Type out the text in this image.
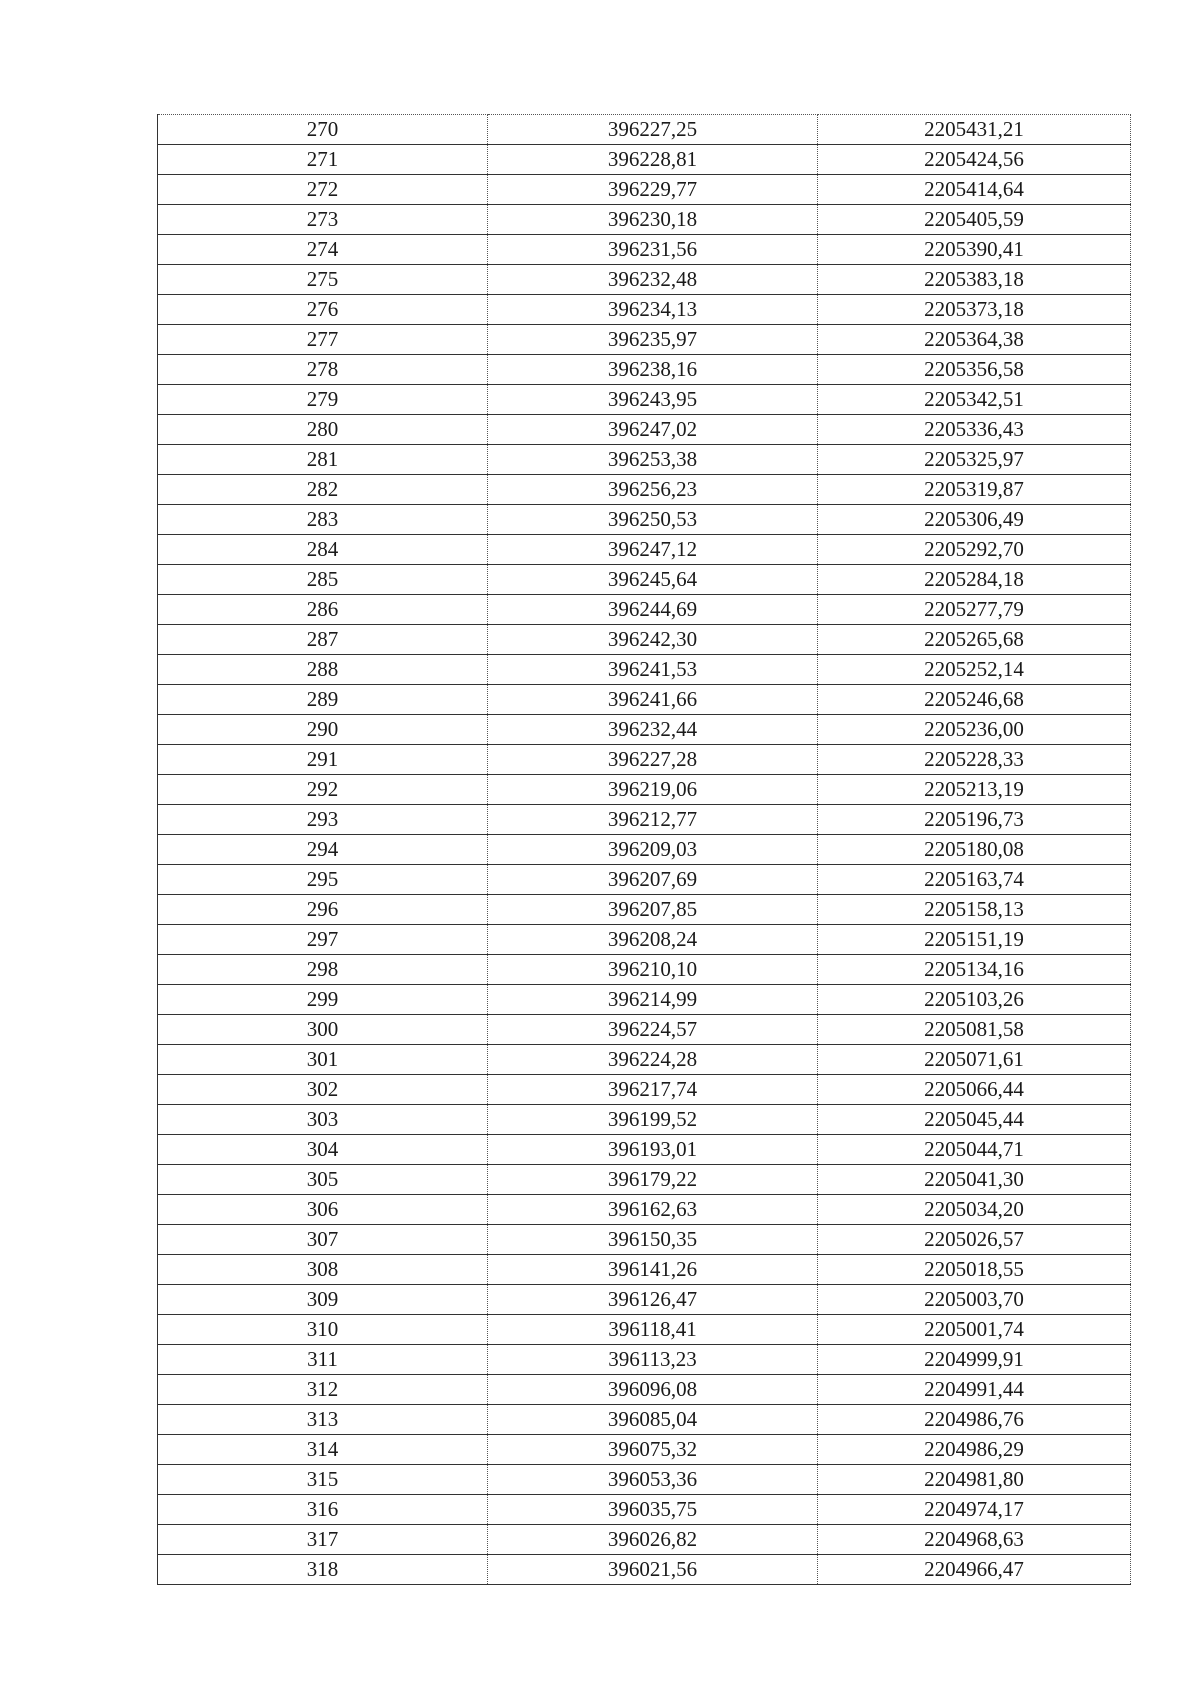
270	396227,25	2205431,21
271	396228,81	2205424,56
272	396229,77	2205414,64
273	396230,18	2205405,59
274	396231,56	2205390,41
275	396232,48	2205383,18
276	396234,13	2205373,18
277	396235,97	2205364,38
278	396238,16	2205356,58
279	396243,95	2205342,51
280	396247,02	2205336,43
281	396253,38	2205325,97
282	396256,23	2205319,87
283	396250,53	2205306,49
284	396247,12	2205292,70
285	396245,64	2205284,18
286	396244,69	2205277,79
287	396242,30	2205265,68
288	396241,53	2205252,14
289	396241,66	2205246,68
290	396232,44	2205236,00
291	396227,28	2205228,33
292	396219,06	2205213,19
293	396212,77	2205196,73
294	396209,03	2205180,08
295	396207,69	2205163,74
296	396207,85	2205158,13
297	396208,24	2205151,19
298	396210,10	2205134,16
299	396214,99	2205103,26
300	396224,57	2205081,58
301	396224,28	2205071,61
302	396217,74	2205066,44
303	396199,52	2205045,44
304	396193,01	2205044,71
305	396179,22	2205041,30
306	396162,63	2205034,20
307	396150,35	2205026,57
308	396141,26	2205018,55
309	396126,47	2205003,70
310	396118,41	2205001,74
311	396113,23	2204999,91
312	396096,08	2204991,44
313	396085,04	2204986,76
314	396075,32	2204986,29
315	396053,36	2204981,80
316	396035,75	2204974,17
317	396026,82	2204968,63
318	396021,56	2204966,47
